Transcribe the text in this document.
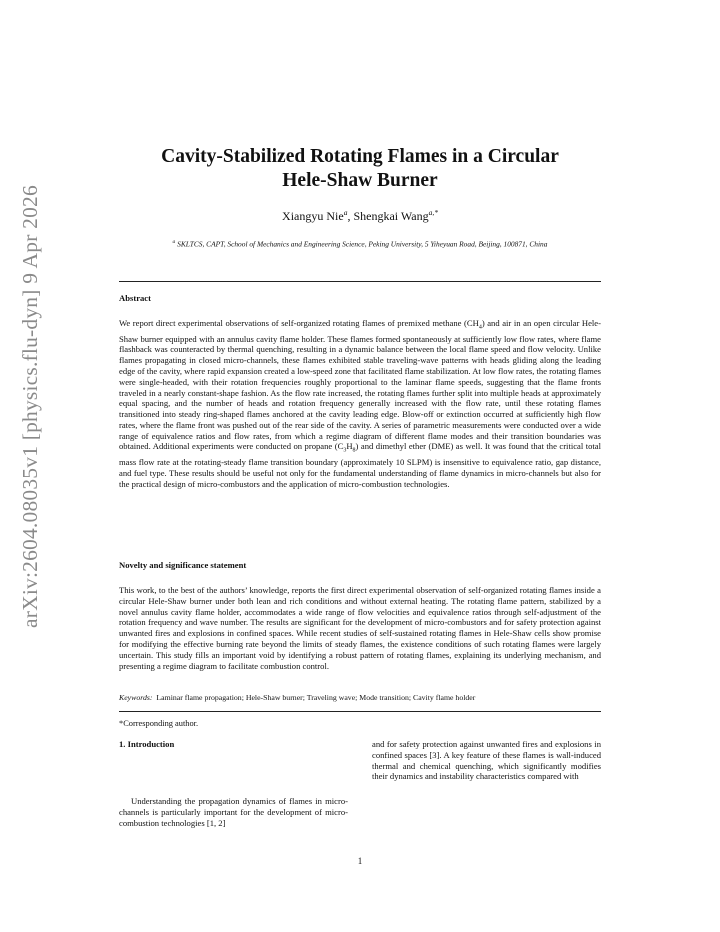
arXiv:2604.08035v1 [physics.flu-dyn] 9 Apr 2026
Cavity-Stabilized Rotating Flames in a Circular
Hele-Shaw Burner
Xiangyu Nie$^a$, Shengkai Wang$^{a,*}$
$^a$ SKLTCS, CAPT, School of Mechanics and Engineering Science, Peking University, 5 Yiheyuan Road, Beijing, 100871, China
Abstract
We report direct experimental observations of self-organized rotating flames of premixed methane $(CH_4)$ and air in an open circular Hele-Shaw burner equipped with an annulus cavity flame holder. These flames formed spontaneously at sufficiently low flow rates, where flame flashback was counteracted by thermal quenching, resulting in a dynamic balance between the local flame speed and flow velocity. Unlike flames propagating in closed micro-channels, these flames exhibited stable traveling-wave patterns with heads gliding along the leading edge of the cavity, where rapid expansion created a low-speed zone that facilitated flame stabilization. At low flow rates, the rotating flames were single-headed, with their rotation frequencies roughly proportional to the laminar flame speeds, suggesting that the flame fronts traveled in a nearly constant-shape fashion. As the flow rate increased, the rotating flames further split into multiple heads at approximately equal spacing, and the number of heads and rotation frequency generally increased with the flow rate, until these rotating flames transitioned into steady ring-shaped flames anchored at the cavity leading edge. Blow-off or extinction occurred at sufficiently high flow rates, where the flame front was pushed out of the rear side of the cavity. A series of parametric measurements were conducted over a wide range of equivalence ratios and flow rates, from which a regime diagram of different flame modes and their transition boundaries was obtained. Additional experiments were conducted on propane $(C_3H_8)$ and dimethyl ether (DME) as well. It was found that the critical total mass flow rate at the rotating-steady flame transition boundary (approximately 10 SLPM) is insensitive to equivalence ratio, gap distance, and fuel type. These results should be useful not only for the fundamental understanding of flame dynamics in micro-channels but also for the practical design of micro-combustors and the application of micro-combustion technologies.
Novelty and significance statement
This work, to the best of the authors’ knowledge, reports the first direct experimental observation of self-organized rotating flames inside a circular Hele-Shaw burner under both lean and rich conditions and without external heating. The rotating flame pattern, stabilized by a novel annulus cavity flame holder, accommodates a wide range of flow velocities and equivalence ratios through self-adjustment of the rotation frequency and wave number. The results are significant for the development of micro-combustors and for safety protection against unwanted fires and explosions in confined spaces. While recent studies of self-sustained rotating flames in Hele-Shaw cells show promise for modifying the effective burning rate beyond the limits of steady flames, the existence conditions of such rotating flames were largely uncertain. This study fills an important void by identifying a robust pattern of rotating flames, explaining its underlying mechanism, and presenting a regime diagram to facilitate combustion control.
Keywords: Laminar flame propagation; Hele-Shaw burner; Traveling wave; Mode transition; Cavity flame holder
*Corresponding author.
1. Introduction
Understanding the propagation dynamics of flames in micro-channels is particularly important for the development of micro-combustion technologies [1, 2]
and for safety protection against unwanted fires and explosions in confined spaces [3]. A key feature of these flames is wall-induced thermal and chemical quenching, which significantly modifies their dynamics and instability characteristics compared with
1
